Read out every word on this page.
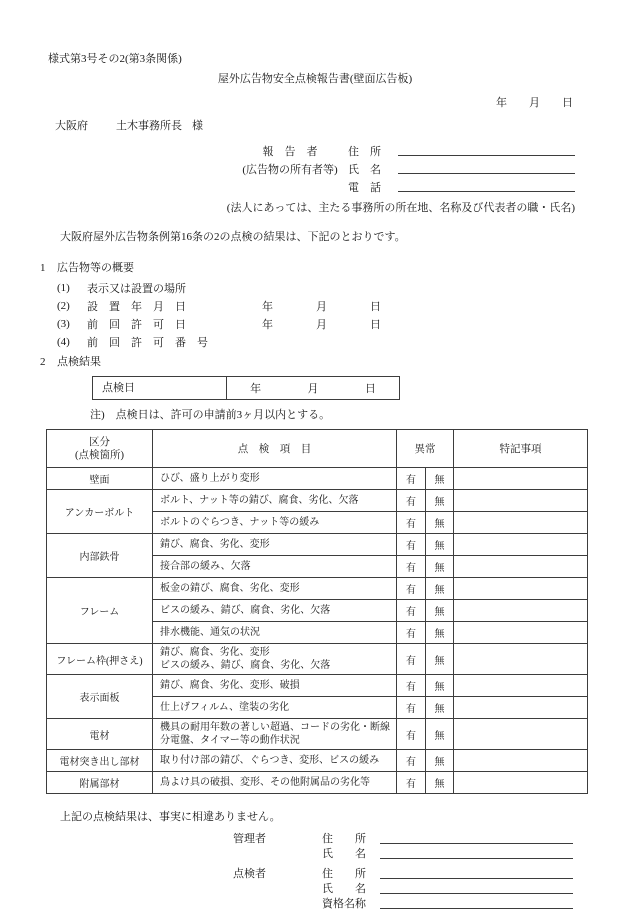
様式第3号その2(第3条関係)
屋外広告物安全点検報告書(壁面広告板)
年　　月　　日
大阪府	土木事務所長 様
報　告　者	住　所
(広告物の所有者等) 氏　名
電　話
(法人にあっては、主たる事務所の所在地、名称及び代表者の職・氏名)
大阪府屋外広告物条例第16条の2の点検の結果は、下記のとおりです。
1 広告物等の概要
(1)	表示又は設置の場所
(2)	設　置　年　月　日	年	月	日
(3)	前　回　許　可　日	年	月	日
(4)	前　回　許　可　番　号
2 点検結果
点検日	年	月	日
注)　点検日は、許可の申請前3ヶ月以内とする。
区分
(点検箇所)	点　検　項　目	異常		特記事項
壁面	ひび、盛り上がり変形	有	無	
アンカーボルト	ボルト、ナット等の錆び、腐食、劣化、欠落	有	無	

	ボルトのぐらつき、ナット等の緩み	有	無	
内部鉄骨	錆び、腐食、劣化、変形	有	無	

	接合部の緩み、欠落	有	無	
フレーム	板金の錆び、腐食、劣化、変形	有	無	

	ビスの緩み、錆び、腐食、劣化、欠落	有	無	

	排水機能、通気の状況	有	無	
フレーム枠(押さえ)	錆び、腐食、劣化、変形
ビスの緩み、錆び、腐食、劣化、欠落	有	無	
表示面板	錆び、腐食、劣化、変形、破損	有	無	

	仕上げフィルム、塗装の劣化	有	無	
電材	機具の耐用年数の著しい超過、コードの劣化・断線
分電盤、タイマー等の動作状況	有	無	
電材突き出し部材	取り付け部の錆び、ぐらつき、変形、ビスの緩み	有	無	
附属部材	鳥よけ具の破損、変形、その他附属品の劣化等	有	無	
上記の点検結果は、事実に相違ありません。
管理者	住　　所
氏　　名
点検者	住　　所
氏　　名
資格名称
